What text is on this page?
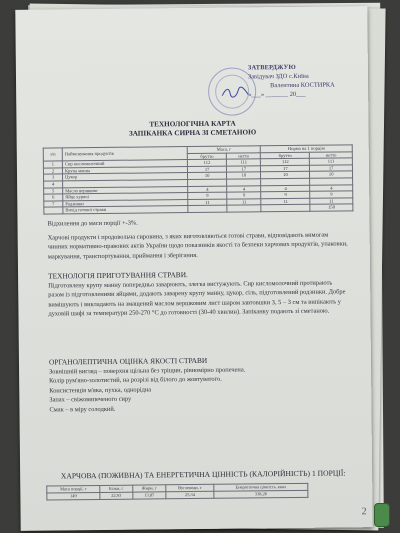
ЗАТВЕРДЖУЮ
Завідувач ЗДО с.Київа
Валентина КОСТИРКА
«___» _______ 20___
ТЕХНОЛОГІЧНА КАРТА
ЗАПІКАНКА СИРНА ЗІ СМЕТАНОЮ
з/п	Найменування продуктів	Маса, г		Норма на 1 порцію	
		брутто	нетто	брутто	нетто
1	Сир кисломолочний	112	111	112	111
2	Крупа манна	17	17	17	17
3	Цукор	10	10	10	10
4					
5	Масло вершкове	4	4	4	4
6	Яйце курячі	9	9	9	9
7	Родзинки	11	11	11	11
	Вихід готової страви				150
Відхилення до маси порції +-3%.
Харчові продукти і продовольча сировина, з яких виготовляються готові страви, відповідають вимогам чинних нормативно-правових актів України щодо показників якості та безпеки харчових продуктів, упаковки, маркування, транспортування, приймання і зберігання.
ТЕХНОЛОГІЯ ПРИГОТУВАННЯ СТРАВИ.
Підготовлену крупу манну попередньо заварюють, злегка вистужують. Сир кисломолочний протирають разом із підготовленими яйцями, додають заварену крупу манну, цукор, сіль, підготовлений родзинки. Добре вимішують і викладають на змащений маслом вершковим лист шаром завтовшки 3, 5 – 3 см та випікають у духовій шафі за температури 250-270 °С до готовності (30-40 хвилин). Запіканку подають зі сметаною.
ОРГАНОЛЕПТИЧНА ОЦІНКА ЯКОСТІ СТРАВИ
Зовнішній вигляд – поверхня щільна без тріщин, рівномірно пропечена.
Колір рум'яно-золотистий, на розрізі від білого до жовтуватого.
Консистенція м'яка, пухка, однорідна
Запах – свіжовипеченого сиру
Смак – в міру солодкий.
ХАРЧОВА (ПОЖИВНА) ТА ЕНЕРГЕТИЧНА ЦІННІСТЬ (КАЛОРІЙНІСТЬ) 1 ПОРЦІЇ:
Маса порції, г	Білки, г	Жири, г	Вуглеводи, г	Енергетична цінність, ккал
149	22,93	13,87	25,34	338,26
2
